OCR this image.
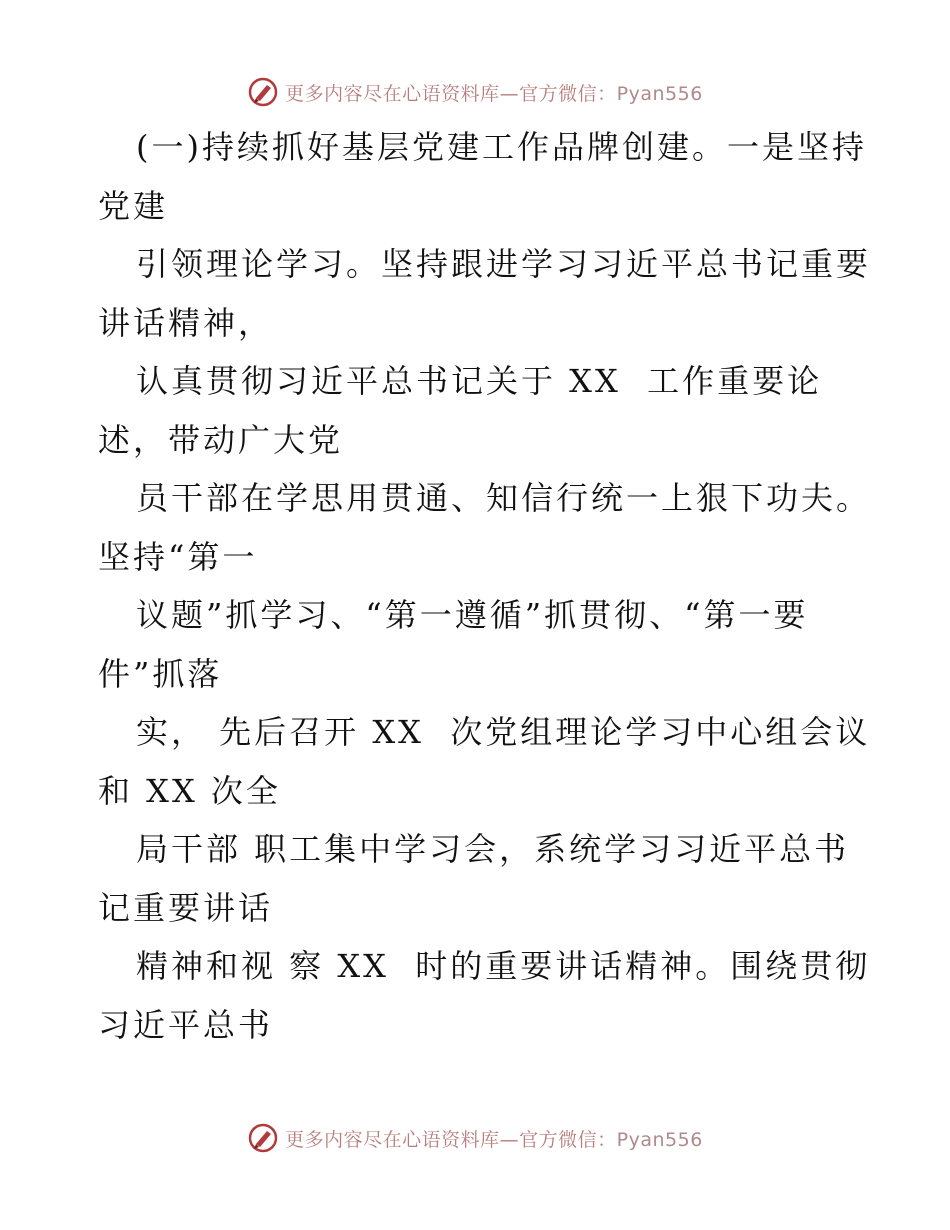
更多内容尽在心语资料库—官方微信：Pyan556
(一)持续抓好基层党建工作品牌创建。一是坚持
党建
引领理论学习。坚持跟进学习习近平总书记重要
讲话精神，
认真贯彻习近平总书记关于 XX  工作重要论
述，带动广大党
员干部在学思用贯通、知信行统一上狠下功夫。
坚持“第一
议题”抓学习、“第一遵循”抓贯彻、“第一要
件”抓落
实， 先后召开 XX  次党组理论学习中心组会议
和 XX 次全
局干部 职工集中学习会，系统学习习近平总书
记重要讲话
精神和视 察 XX  时的重要讲话精神。围绕贯彻
习近平总书
更多内容尽在心语资料库—官方微信：Pyan556
